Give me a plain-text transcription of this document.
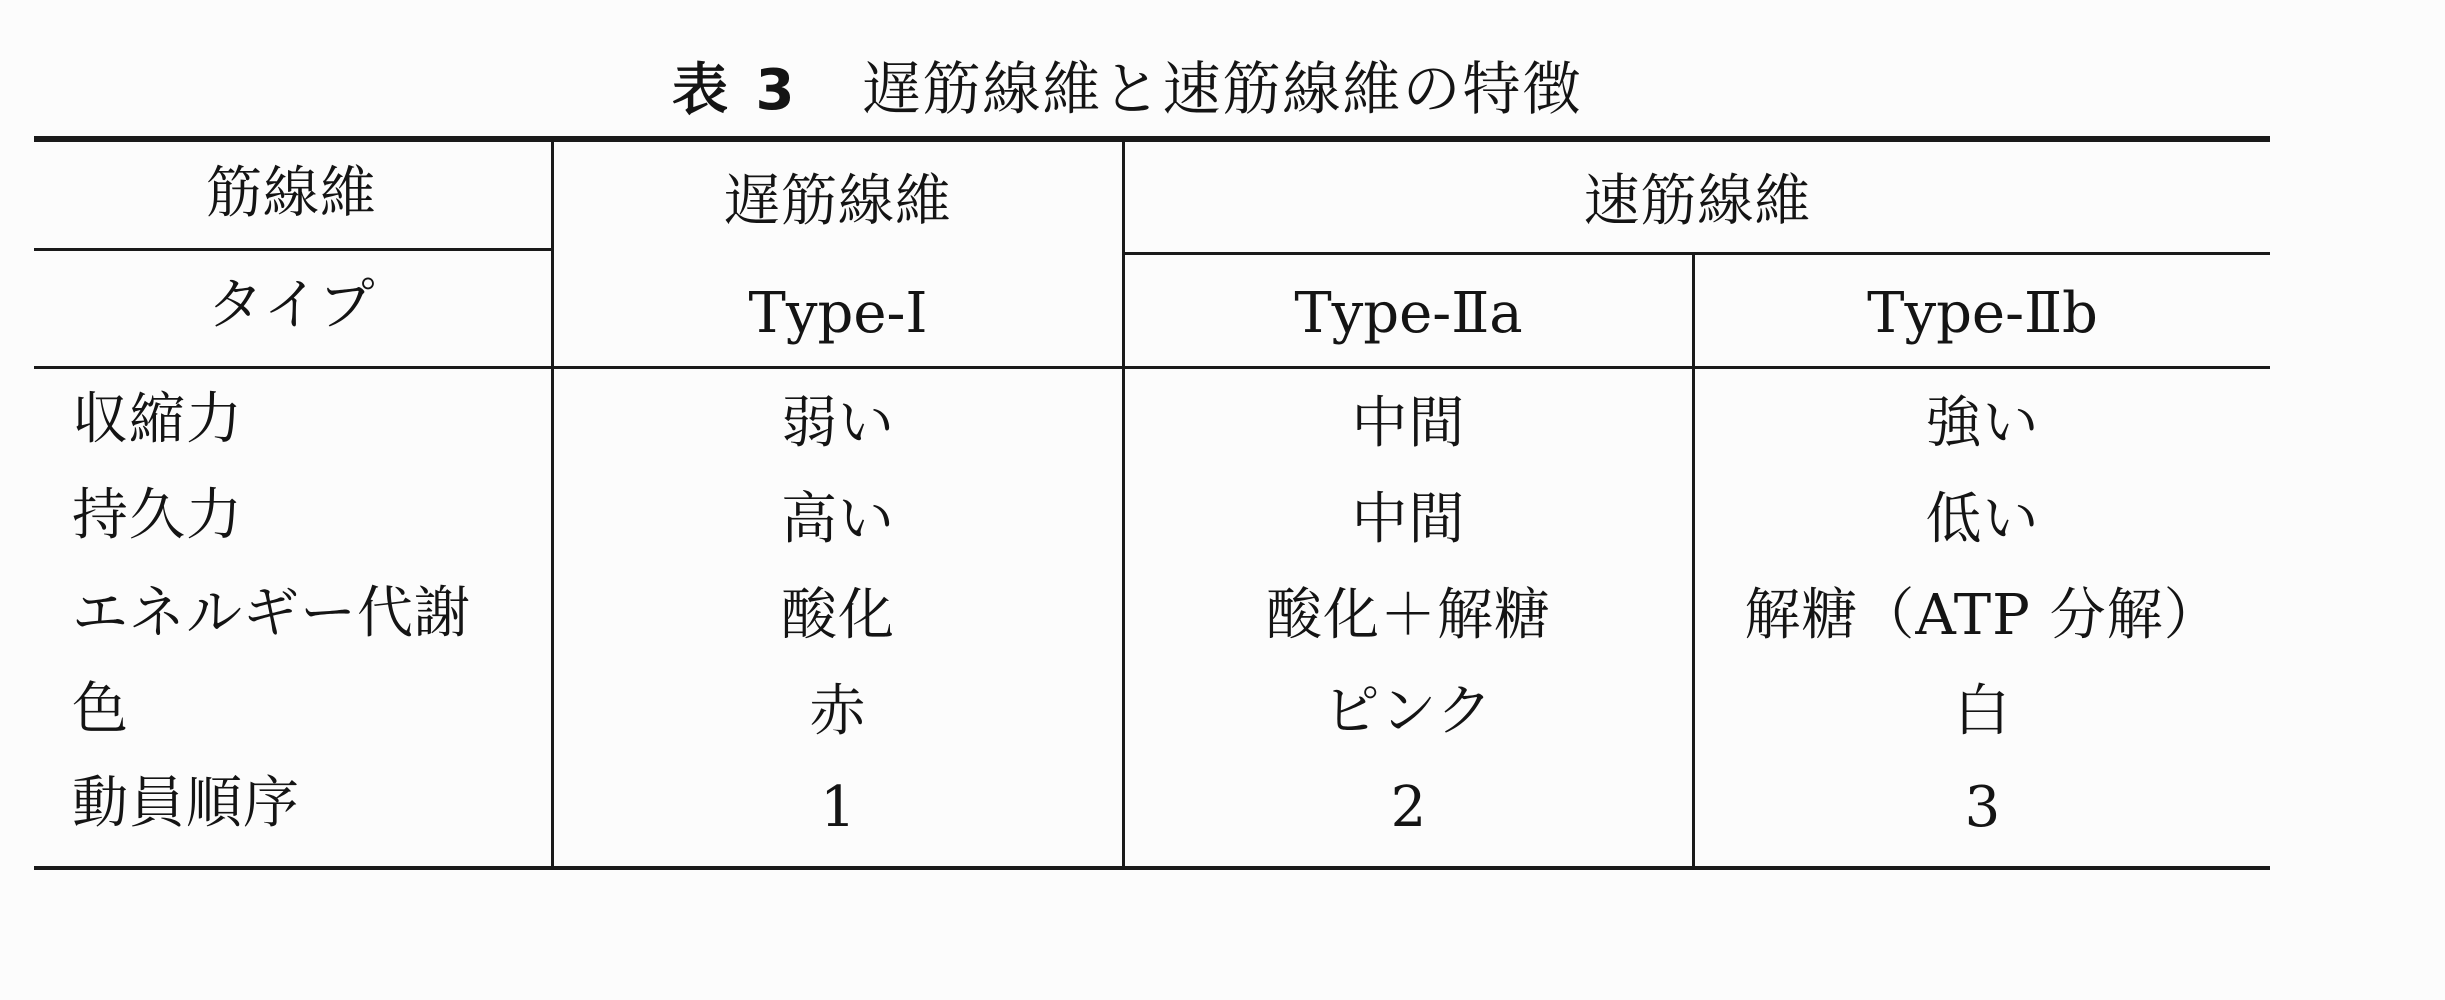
表 3 遅筋線維と速筋線維の特徴
筋線維	遅筋線維	速筋線維
タイプ	Type-Ⅰ	Type-Ⅱa	Type-Ⅱb
収縮力	弱い	中間	強い
持久力	高い	中間	低い
エネルギー代謝	酸化	酸化＋解糖	解糖（ATP 分解）
色	赤	ピンク	白
動員順序	1	2	3
